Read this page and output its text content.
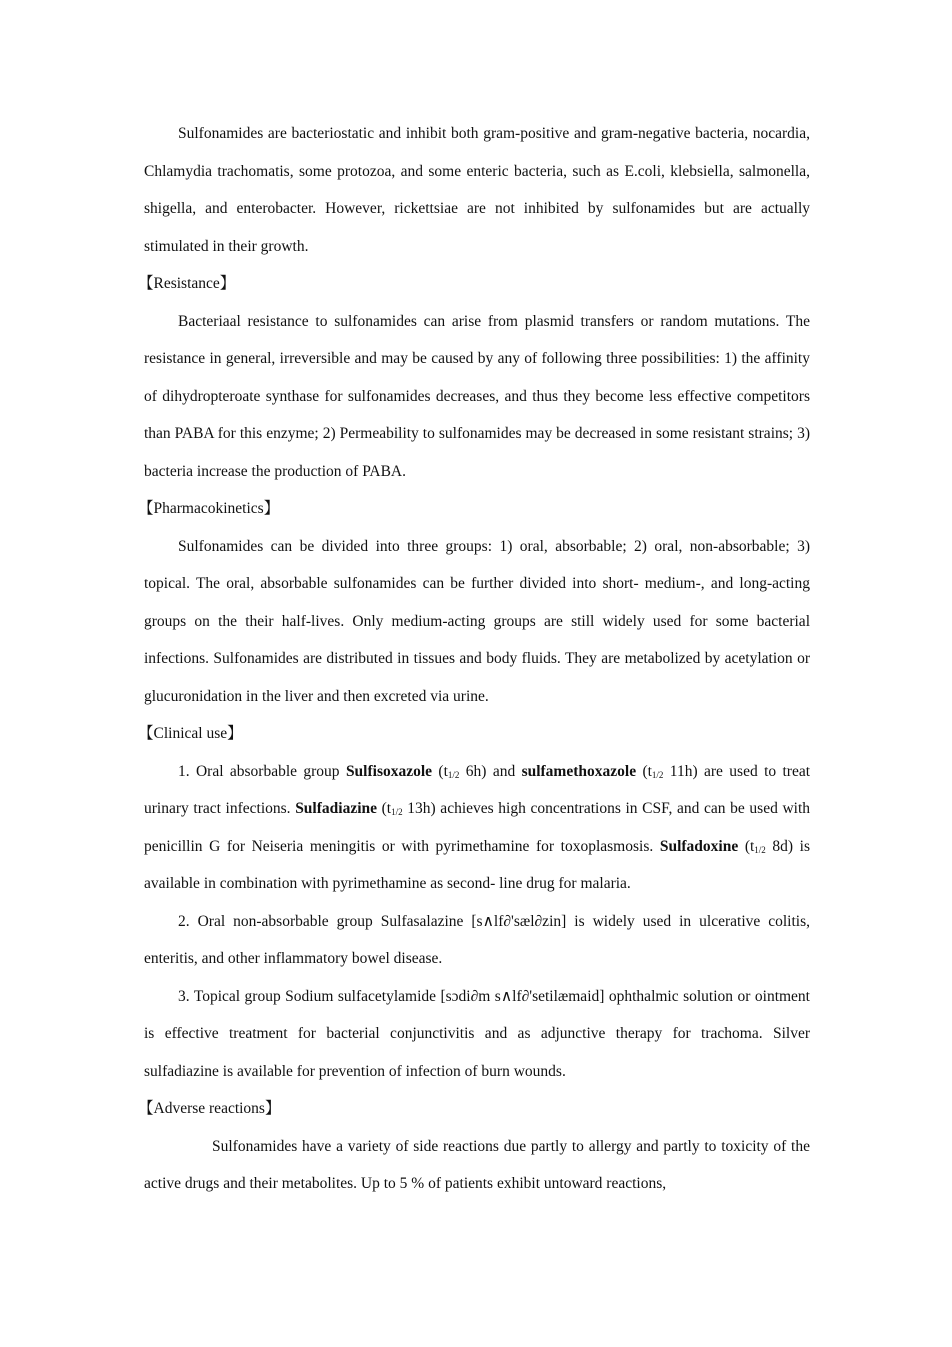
Sulfonamides are bacteriostatic and inhibit both gram-positive and gram-negative bacteria, nocardia, Chlamydia trachomatis, some protozoa, and some enteric bacteria, such as E.coli, klebsiella, salmonella, shigella, and enterobacter. However, rickettsiae are not inhibited by sulfonamides but are actually stimulated in their growth.

【Resistance】

Bacteriaal resistance to sulfonamides can arise from plasmid transfers or random mutations. The resistance in general, irreversible and may be caused by any of following three possibilities: 1) the affinity of dihydropteroate synthase for sulfonamides decreases, and thus they become less effective competitors than PABA for this enzyme; 2) Permeability to sulfonamides may be decreased in some resistant strains; 3) bacteria increase the production of PABA.

【Pharmacokinetics】

Sulfonamides can be divided into three groups: 1) oral, absorbable; 2) oral, non-absorbable; 3) topical. The oral, absorbable sulfonamides can be further divided into short- medium-, and long-acting groups on the their half-lives. Only medium-acting groups are still widely used for some bacterial infections. Sulfonamides are distributed in tissues and body fluids. They are metabolized by acetylation or glucuronidation in the liver and then excreted via urine.

【Clinical use】

1. Oral absorbable group Sulfisoxazole ($t_{1/2}$ 6h) and sulfamethoxazole ($t_{1/2}$ 11h) are used to treat urinary tract infections. Sulfadiazine ($t_{1/2}$ 13h) achieves high concentrations in CSF, and can be used with penicillin G for Neiseria meningitis or with pyrimethamine for toxoplasmosis. Sulfadoxine ($t_{1/2}$ 8d) is available in combination with pyrimethamine as second- line drug for malaria.

2. Oral non-absorbable group Sulfasalazine [s∧lf∂'sæl∂zin] is widely used in ulcerative colitis, enteritis, and other inflammatory bowel disease.

3. Topical group Sodium sulfacetylamide [sɔdi∂m s∧lf∂'setilæmaid] ophthalmic solution or ointment is effective treatment for bacterial conjunctivitis and as adjunctive therapy for trachoma. Silver sulfadiazine is available for prevention of infection of burn wounds.

【Adverse reactions】

Sulfonamides have a variety of side reactions due partly to allergy and partly to toxicity of the active drugs and their metabolites. Up to 5 % of patients exhibit untoward reactions,
